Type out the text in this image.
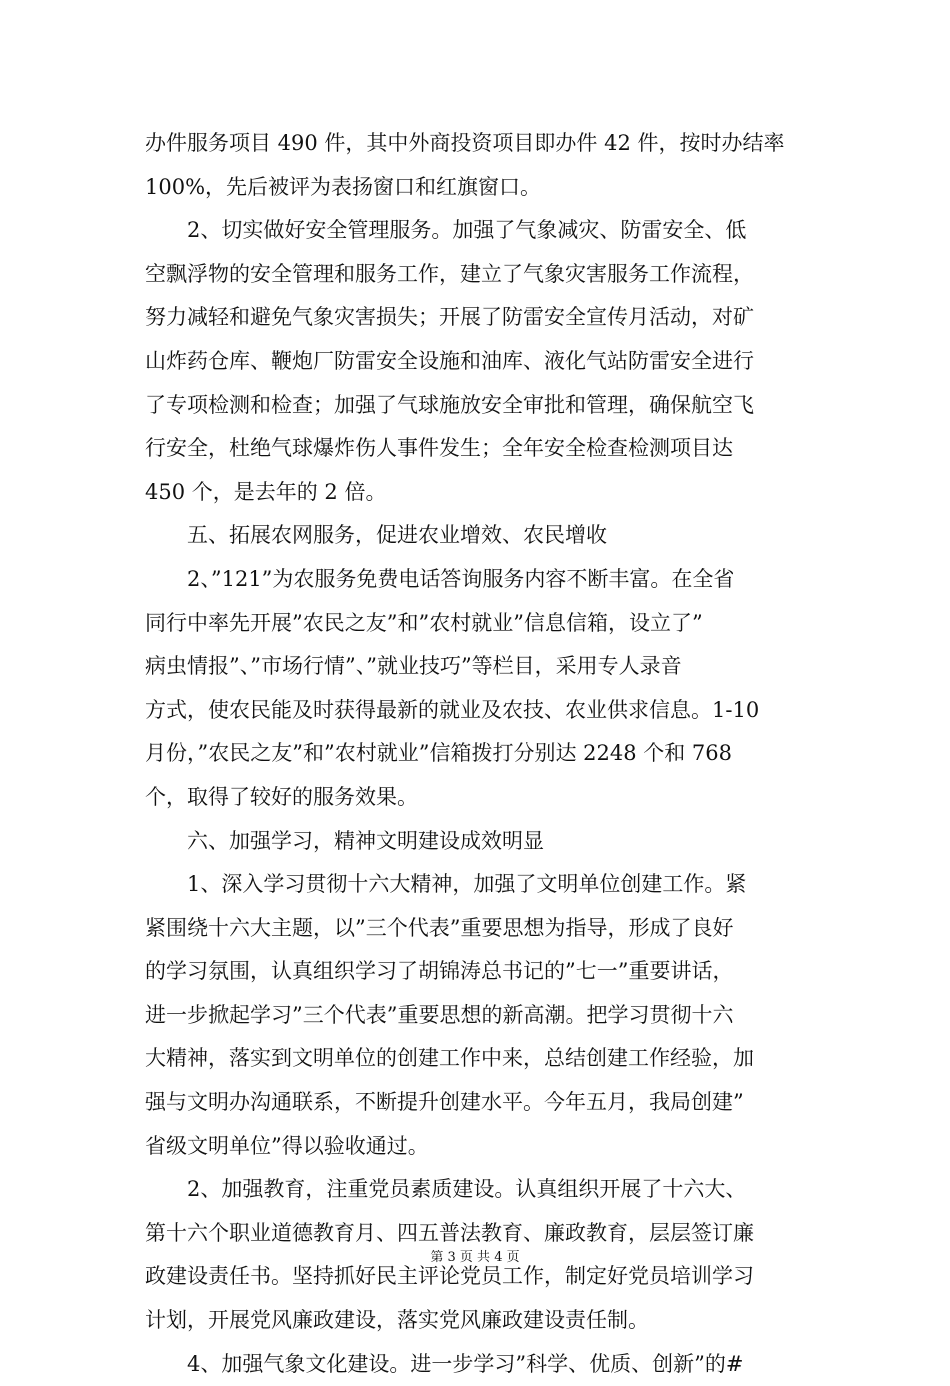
办件服务项目 490 件，其中外商投资项目即办件 42 件，按时办结率
100%，先后被评为表扬窗口和红旗窗口。
　　2、切实做好安全管理服务。加强了气象减灾、防雷安全、低
空飘浮物的安全管理和服务工作，建立了气象灾害服务工作流程，
努力减轻和避免气象灾害损失；开展了防雷安全宣传月活动，对矿
山炸药仓库、鞭炮厂防雷安全设施和油库、液化气站防雷安全进行
了专项检测和检查；加强了气球施放安全审批和管理，确保航空飞
行安全，杜绝气球爆炸伤人事件发生；全年安全检查检测项目达
450 个，是去年的 2 倍。
　　五、拓展农网服务，促进农业增效、农民增收
　　2、”121”为农服务免费电话答询服务内容不断丰富。在全省
同行中率先开展”农民之友”和”农村就业”信息信箱，设立了”
病虫情报”、”市场行情”、”就业技巧”等栏目，采用专人录音
方式，使农民能及时获得最新的就业及农技、农业供求信息。1-10
月份，”农民之友”和”农村就业”信箱拨打分别达 2248 个和 768
个，取得了较好的服务效果。
　　六、加强学习，精神文明建设成效明显
　　1、深入学习贯彻十六大精神，加强了文明单位创建工作。紧
紧围绕十六大主题，以”三个代表”重要思想为指导，形成了良好
的学习氛围，认真组织学习了胡锦涛总书记的”七一”重要讲话，
进一步掀起学习”三个代表”重要思想的新高潮。把学习贯彻十六
大精神，落实到文明单位的创建工作中来，总结创建工作经验，加
强与文明办沟通联系，不断提升创建水平。今年五月，我局创建”
省级文明单位”得以验收通过。
　　2、加强教育，注重党员素质建设。认真组织开展了十六大、
第十六个职业道德教育月、四五普法教育、廉政教育，层层签订廉
政建设责任书。坚持抓好民主评论党员工作，制定好党员培训学习
计划，开展党风廉政建设，落实党风廉政建设责任制。
　　4、加强气象文化建设。进一步学习”科学、优质、创新”的#
第 3 页 共 4 页
